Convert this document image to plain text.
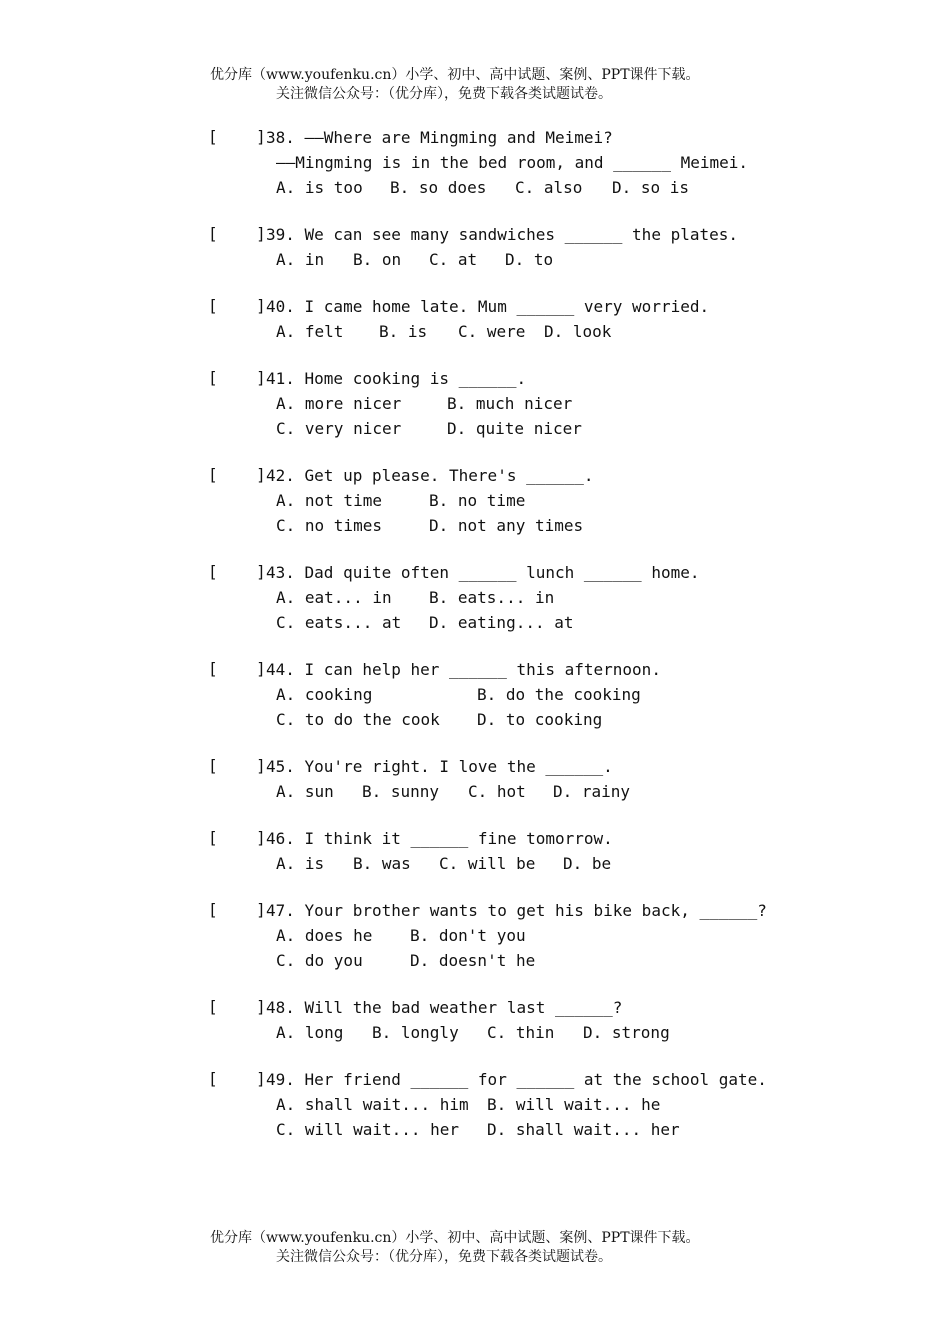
优分库（www.youfenku.cn）小学、初中、高中试题、案例、PPT课件下载。
关注微信公众号：（优分库），免费下载各类试题试卷。
[    ] 38. ——Where are Mingming and Meimei?
——Mingming is in the bed room, and ______ Meimei.
A. is too B. so does C. also D. so is
[    ] 39. We can see many sandwiches ______ the plates.
A. in B. on C. at D. to
[    ] 40. I came home late. Mum ______ very worried.
A. felt B. is C. were D. look
[    ] 41. Home cooking is ______.
A. more nicer	B. much nicer
C. very nicer	D. quite nicer
[    ] 42. Get up please. There's ______.
A. not time	B. no time
C. no times	D. not any times
[    ] 43. Dad quite often ______ lunch ______ home.
A. eat... in B. eats... in
C. eats... at D. eating... at
[    ] 44. I can help her ______ this afternoon.
A. cooking	B. do the cooking
C. to do the cook D. to cooking
[    ] 45. You're right. I love the ______.
A. sun B. sunny C. hot D. rainy
[    ] 46. I think it ______ fine tomorrow.
A. is B. was C. will be D. be
[    ] 47. Your brother wants to get his bike back, ______?
A. does he B. don't you
C. do you	D. doesn't he
[    ] 48. Will the bad weather last ______?
A. long B. longly C. thin D. strong
[    ] 49. Her friend ______ for ______ at the school gate.
A. shall wait... him B. will wait... he
C. will wait... her D. shall wait... her
优分库（www.youfenku.cn）小学、初中、高中试题、案例、PPT课件下载。
关注微信公众号：（优分库），免费下载各类试题试卷。
